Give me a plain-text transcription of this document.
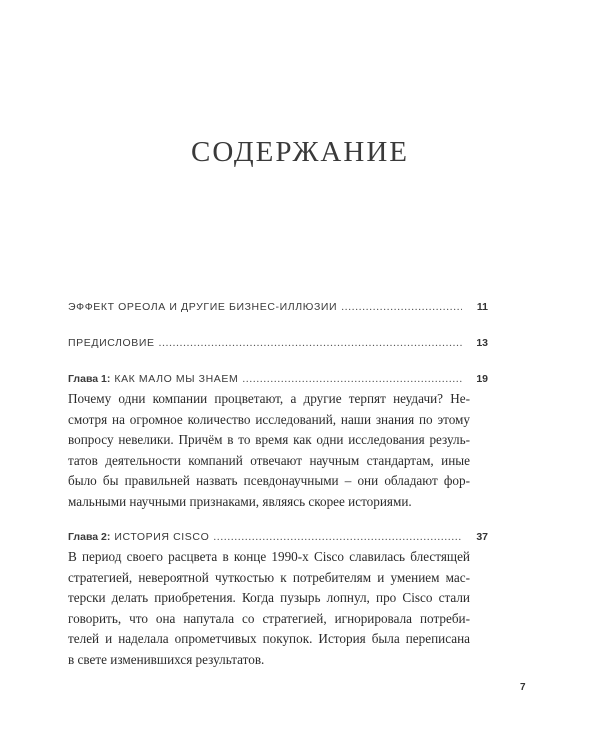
СОДЕРЖАНИЕ
ЭФФЕКТ ОРЕОЛА И ДРУГИЕ БИЗНЕС-ИЛЛЮЗИИ . . .	11
ПРЕДИСЛОВИЕ . . .	13
Глава 1: КАК МАЛО МЫ ЗНАЕМ . . .	19
Почему одни компании процветают, а другие терпят неудачи? Не-
смотря на огромное количество исследований, наши знания по этому
вопросу невелики. Причём в то время как одни исследования резуль-
татов деятельности компаний отвечают научным стандартам, иные
было бы правильней назвать псевдонаучными – они обладают фор-
мальными научными признаками, являясь скорее историями.
Глава 2: ИСТОРИЯ CISCO . . .	37
В период своего расцвета в конце 1990-х Cisco славилась блестящей
стратегией, невероятной чуткостью к потребителям и умением мас-
терски делать приобретения. Когда пузырь лопнул, про Cisco стали
говорить, что она напутала со стратегией, игнорировала потреби-
телей и наделала опрометчивых покупок. История была переписана
в свете изменившихся результатов.
7
